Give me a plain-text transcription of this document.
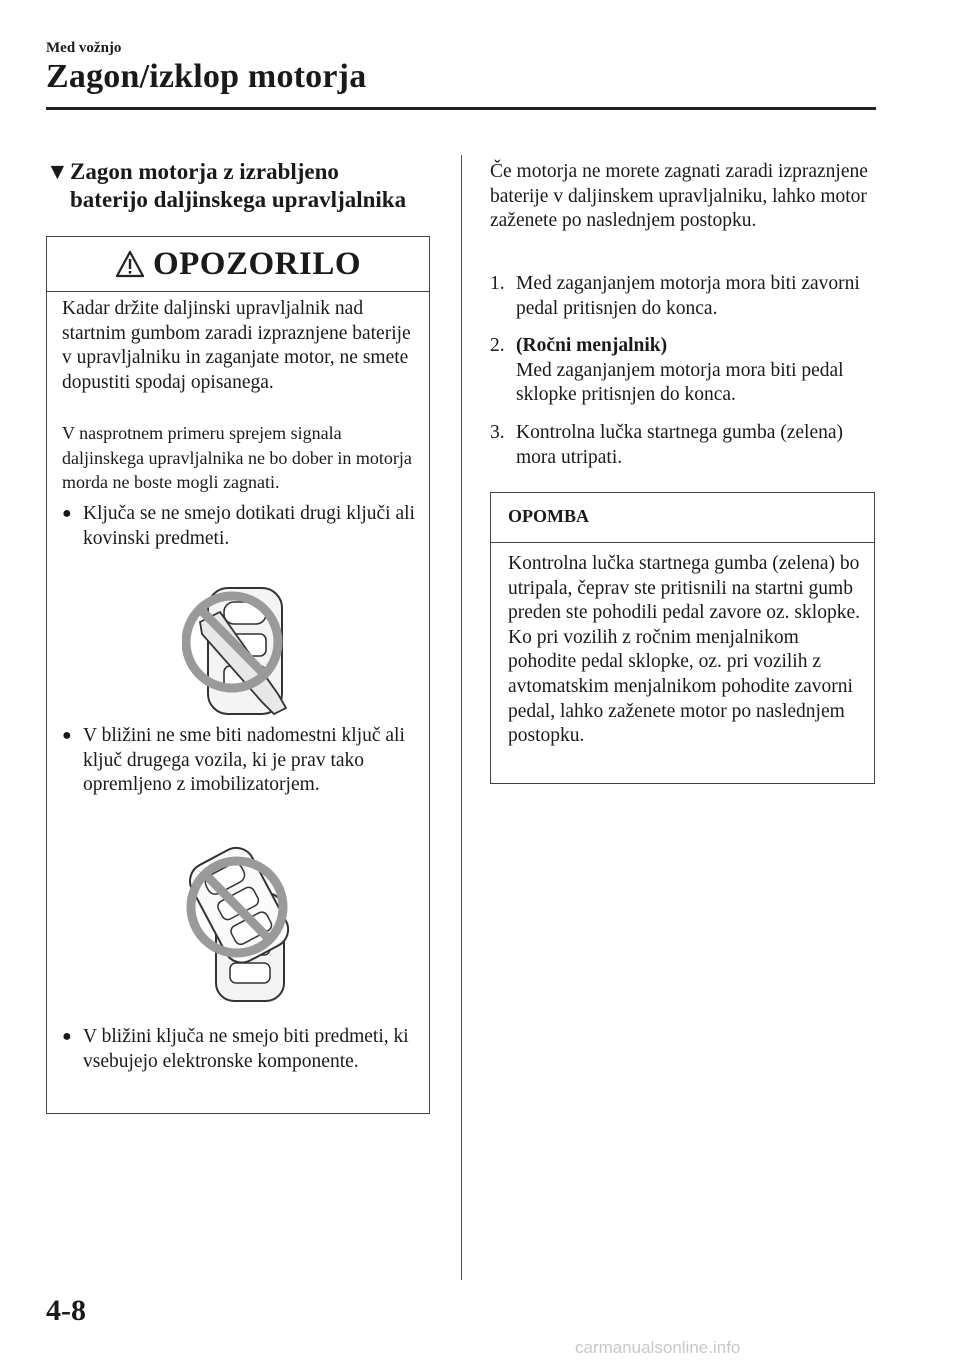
Med vožnjo
Zagon/izklop motorja
▼Zagon motorja z izrabljeno
baterijo daljinskega upravljalnika
OPOZORILO
Kadar držite daljinski upravljalnik nad startnim gumbom zaradi izpraznjene baterije v upravljalniku in zaganjate motor, ne smete dopustiti spodaj opisanega.
V nasprotnem primeru sprejem signala daljinskega upravljalnika ne bo dober in motorja morda ne boste mogli zagnati.
● Ključa se ne smejo dotikati drugi ključi ali kovinski predmeti.
● V bližini ne sme biti nadomestni ključ ali ključ drugega vozila, ki je prav tako opremljeno z imobilizatorjem.
● V bližini ključa ne smejo biti predmeti, ki vsebujejo elektronske komponente.
Če motorja ne morete zagnati zaradi izpraznjene baterije v daljinskem upravljalniku, lahko motor zaženete po naslednjem postopku.
1. Med zaganjanjem motorja mora biti zavorni pedal pritisnjen do konca.
2. (Ročni menjalnik)
Med zaganjanjem motorja mora biti pedal sklopke pritisnjen do konca.
3. Kontrolna lučka startnega gumba (zelena) mora utripati.
OPOMBA
Kontrolna lučka startnega gumba (zelena) bo utripala, čeprav ste pritisnili na startni gumb preden ste pohodili pedal zavore oz. sklopke. Ko pri vozilih z ročnim menjalnikom pohodite pedal sklopke, oz. pri vozilih z avtomatskim menjalnikom pohodite zavorni pedal, lahko zaženete motor po naslednjem postopku.
4-8
carmanualsonline.info
